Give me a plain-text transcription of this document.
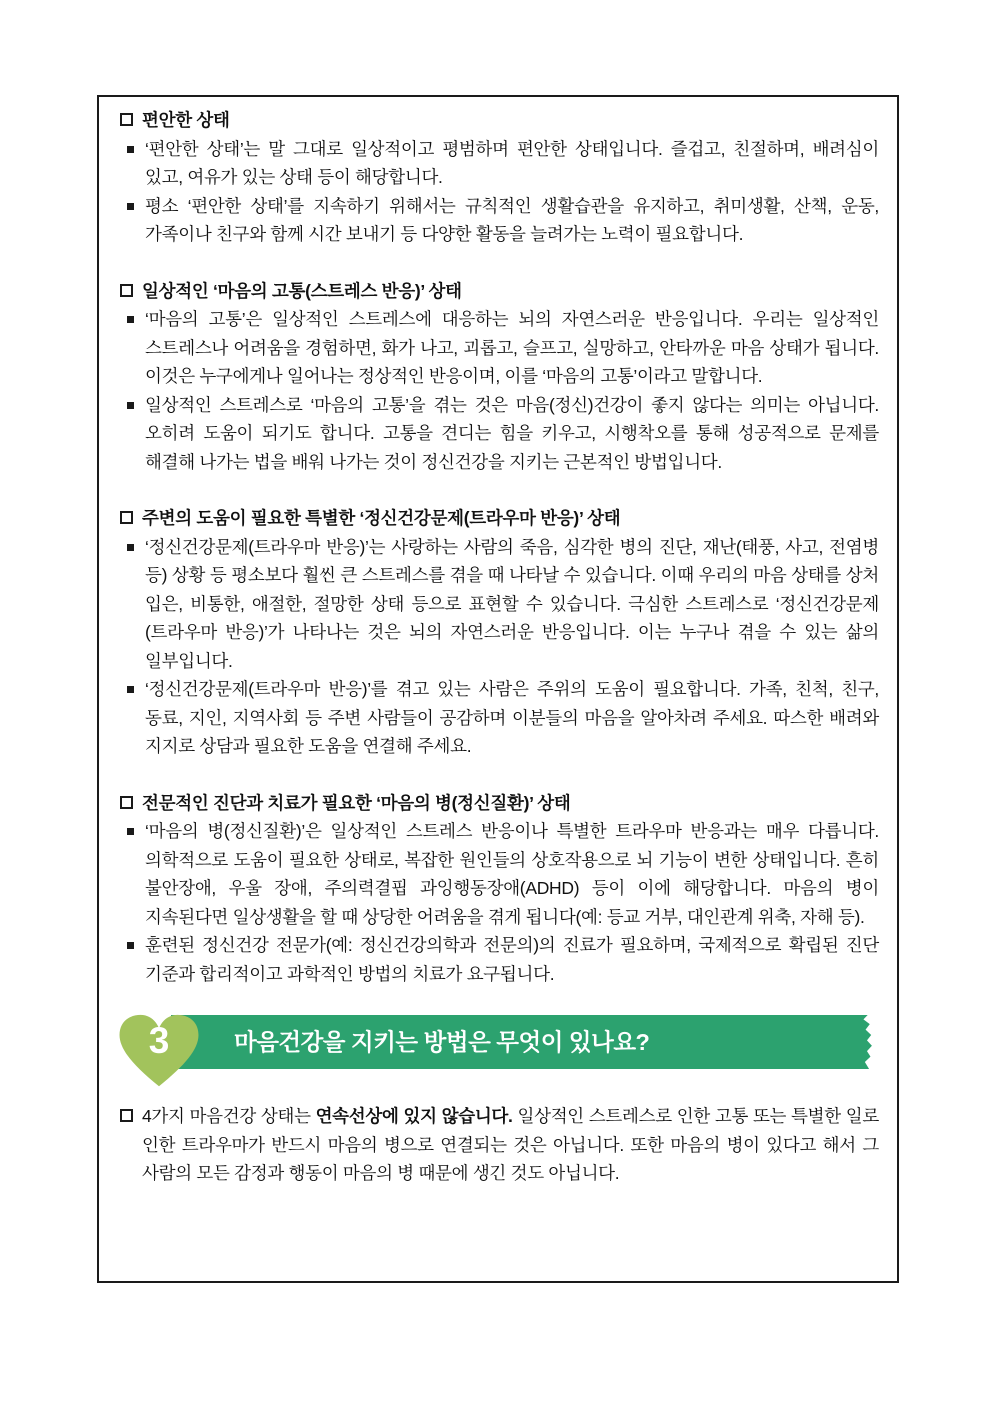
편안한 상태
‘편안한 상태’는 말 그대로 일상적이고 평범하며 편안한 상태입니다. 즐겁고, 친절하며, 배려심이 있고, 여유가 있는 상태 등이 해당합니다.
평소 ‘편안한 상태’를 지속하기 위해서는 규칙적인 생활습관을 유지하고, 취미생활, 산책, 운동, 가족이나 친구와 함께 시간 보내기 등 다양한 활동을 늘려가는 노력이 필요합니다.
일상적인 ‘마음의 고통(스트레스 반응)’ 상태
‘마음의 고통’은 일상적인 스트레스에 대응하는 뇌의 자연스러운 반응입니다. 우리는 일상적인 스트레스나 어려움을 경험하면, 화가 나고, 괴롭고, 슬프고, 실망하고, 안타까운 마음 상태가 됩니다. 이것은 누구에게나 일어나는 정상적인 반응이며, 이를 ‘마음의 고통’이라고 말합니다.
일상적인 스트레스로 ‘마음의 고통’을 겪는 것은 마음(정신)건강이 좋지 않다는 의미는 아닙니다. 오히려 도움이 되기도 합니다. 고통을 견디는 힘을 키우고, 시행착오를 통해 성공적으로 문제를 해결해 나가는 법을 배워 나가는 것이 정신건강을 지키는 근본적인 방법입니다.
주변의 도움이 필요한 특별한 ‘정신건강문제(트라우마 반응)’ 상태
‘정신건강문제(트라우마 반응)’는 사랑하는 사람의 죽음, 심각한 병의 진단, 재난(태풍, 사고, 전염병 등) 상황 등 평소보다 훨씬 큰 스트레스를 겪을 때 나타날 수 있습니다. 이때 우리의 마음 상태를 상처 입은, 비통한, 애절한, 절망한 상태 등으로 표현할 수 있습니다. 극심한 스트레스로 ‘정신건강문제(트라우마 반응)’가 나타나는 것은 뇌의 자연스러운 반응입니다. 이는 누구나 겪을 수 있는 삶의 일부입니다.
‘정신건강문제(트라우마 반응)’를 겪고 있는 사람은 주위의 도움이 필요합니다. 가족, 친척, 친구, 동료, 지인, 지역사회 등 주변 사람들이 공감하며 이분들의 마음을 알아차려 주세요. 따스한 배려와 지지로 상담과 필요한 도움을 연결해 주세요.
전문적인 진단과 치료가 필요한 ‘마음의 병(정신질환)’ 상태
‘마음의 병(정신질환)’은 일상적인 스트레스 반응이나 특별한 트라우마 반응과는 매우 다릅니다. 의학적으로 도움이 필요한 상태로, 복잡한 원인들의 상호작용으로 뇌 기능이 변한 상태입니다. 흔히 불안장애, 우울 장애, 주의력결핍 과잉행동장애(ADHD) 등이 이에 해당합니다. 마음의 병이 지속된다면 일상생활을 할 때 상당한 어려움을 겪게 됩니다(예: 등교 거부, 대인관계 위축, 자해 등).
훈련된 정신건강 전문가(예: 정신건강의학과 전문의)의 진료가 필요하며, 국제적으로 확립된 진단 기준과 합리적이고 과학적인 방법의 치료가 요구됩니다.
마음건강을 지키는 방법은 무엇이 있나요?
3
4가지 마음건강 상태는 연속선상에 있지 않습니다. 일상적인 스트레스로 인한 고통 또는 특별한 일로 인한 트라우마가 반드시 마음의 병으로 연결되는 것은 아닙니다. 또한 마음의 병이 있다고 해서 그 사람의 모든 감정과 행동이 마음의 병 때문에 생긴 것도 아닙니다.
